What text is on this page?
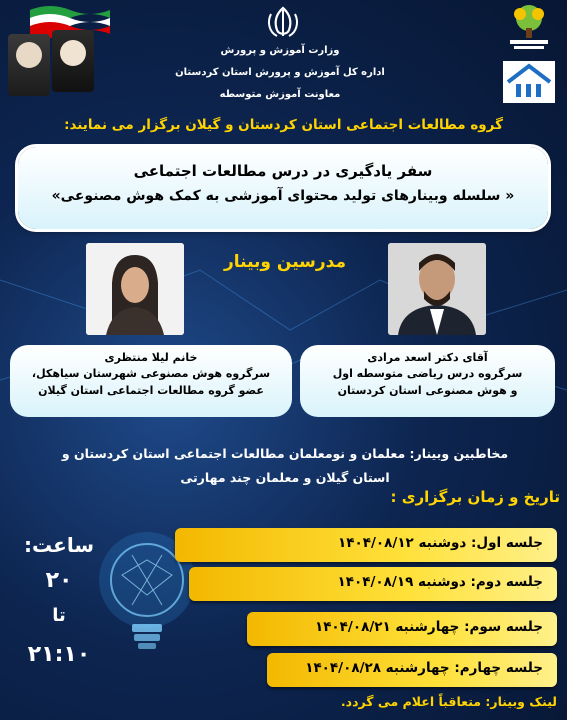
وزارت آموزش و پرورش
اداره کل آموزش و پرورش استان کردستان
معاونت آموزش متوسطه
گروه مطالعات اجتماعی استان کردستان و گیلان برگزار می نمایند:
سفر یادگیری در درس مطالعات اجتماعی
« سلسله وبینارهای تولید محتوای آموزشی به کمک هوش مصنوعی»
مدرسین وبینار
آقای دکتر اسعد مرادی
سرگروه درس ریاضی متوسطه اول
و هوش مصنوعی استان کردستان
خانم لیلا منتظری
سرگروه هوش مصنوعی شهرستان سیاهکل،
عضو گروه مطالعات اجتماعی استان گیلان
مخاطبین وبینار: معلمان و نومعلمان مطالعات اجتماعی استان کردستان و
استان گیلان و معلمان چند مهارتی
تاریخ و زمان برگزاری :
ساعت:
۲۰
تا
۲۱:۱۰
جلسه اول: دوشنبه ۱۴۰۴/۰۸/۱۲
جلسه دوم: دوشنبه ۱۴۰۴/۰۸/۱۹
جلسه سوم: چهارشنبه ۱۴۰۴/۰۸/۲۱
جلسه چهارم: چهارشنبه ۱۴۰۴/۰۸/۲۸
لینک وبینار: متعاقباً اعلام می گردد.
